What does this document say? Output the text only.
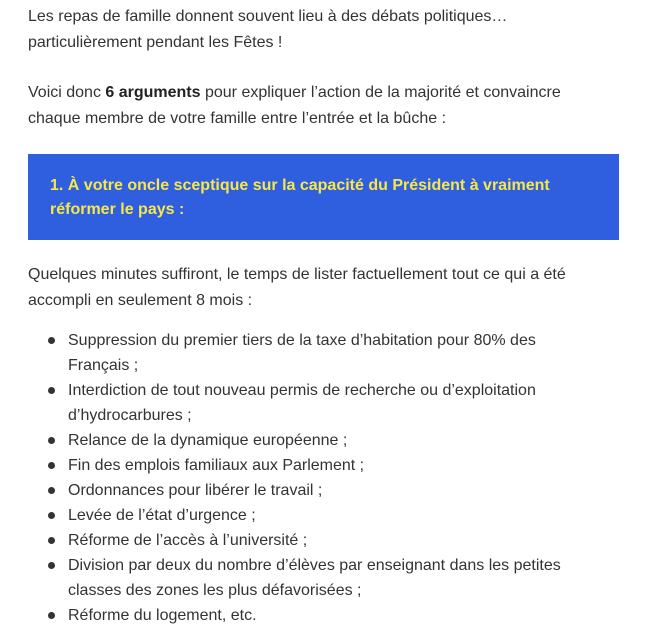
Les repas de famille donnent souvent lieu à des débats politiques…
particulièrement pendant les Fêtes !

Voici donc 6 arguments pour expliquer l’action de la majorité et convaincre
chaque membre de votre famille entre l’entrée et la bûche :

1. À votre oncle sceptique sur la capacité du Président à vraiment
réformer le pays :

Quelques minutes suffiront, le temps de lister factuellement tout ce qui a été
accompli en seulement 8 mois :

Suppression du premier tiers de la taxe d’habitation pour 80% des
Français ;
Interdiction de tout nouveau permis de recherche ou d’exploitation
d’hydrocarbures ;
Relance de la dynamique européenne ;
Fin des emplois familiaux aux Parlement ;
Ordonnances pour libérer le travail ;
Levée de l’état d’urgence ;
Réforme de l’accès à l’université ;
Division par deux du nombre d’élèves par enseignant dans les petites
classes des zones les plus défavorisées ;
Réforme du logement, etc.
